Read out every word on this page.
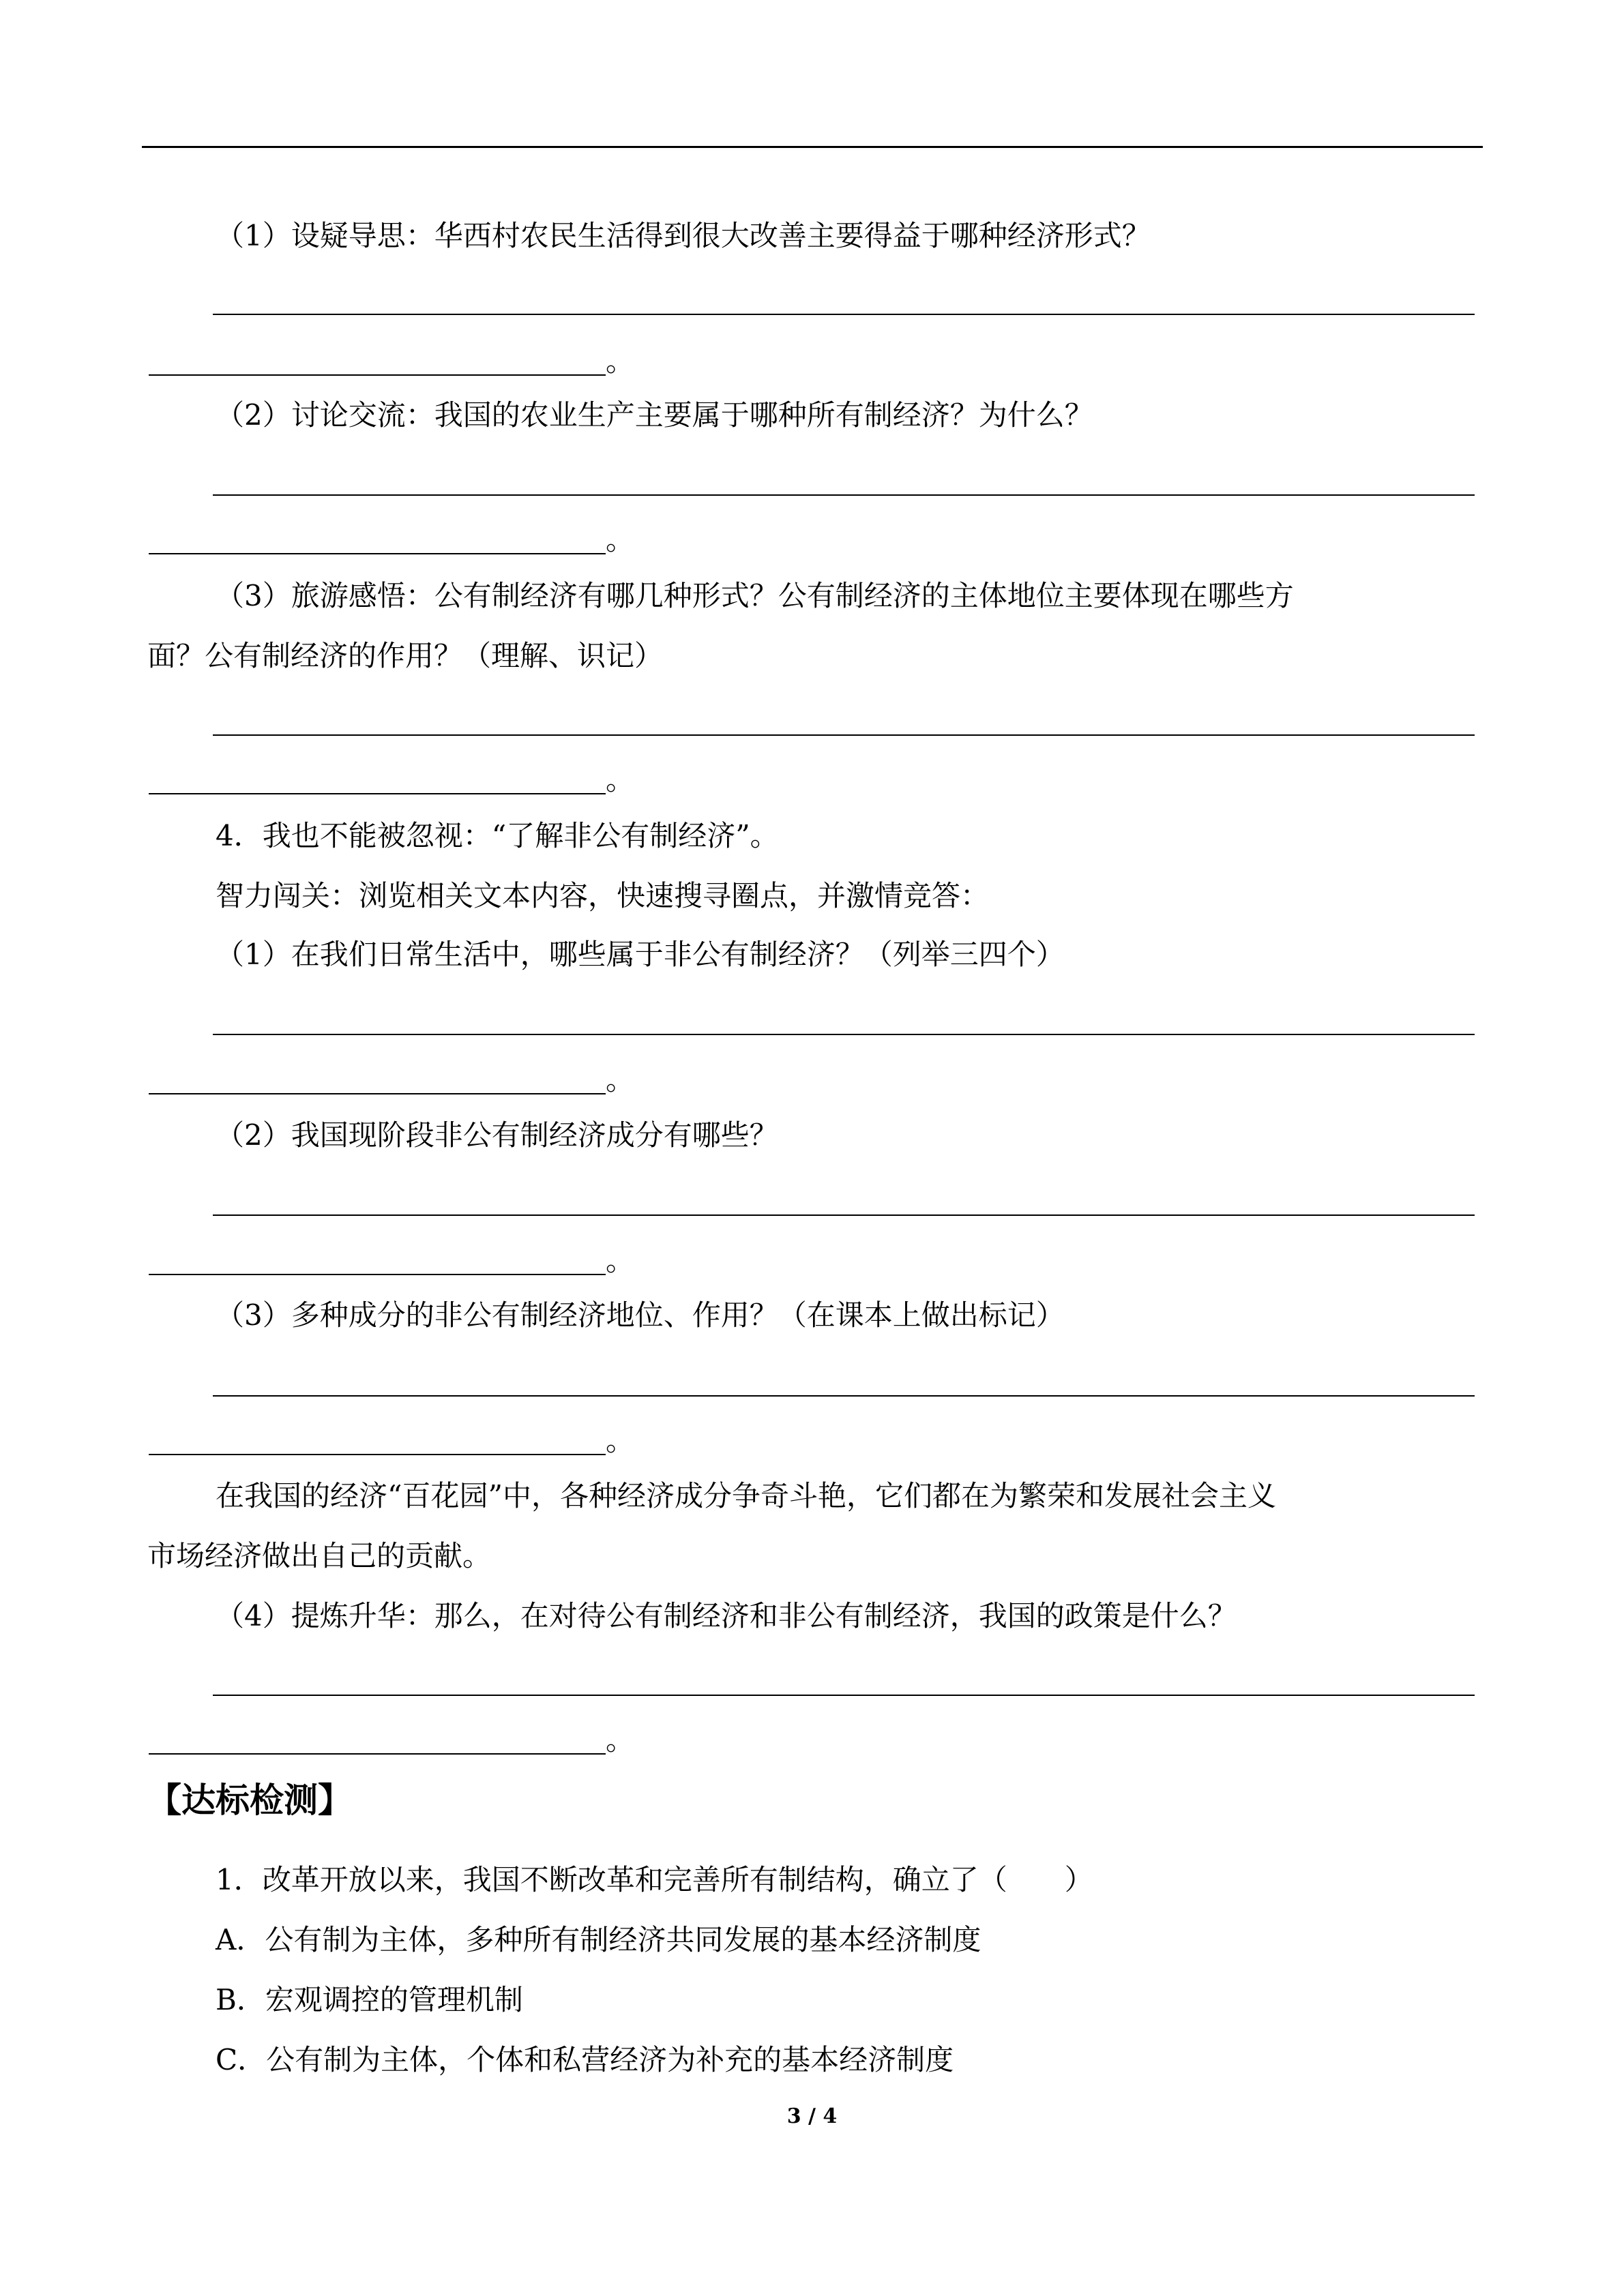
（1）设疑导思：华西村农民生活得到很大改善主要得益于哪种经济形式？
。
（2）讨论交流：我国的农业生产主要属于哪种所有制经济？为什么？
。
（3）旅游感悟：公有制经济有哪几种形式？公有制经济的主体地位主要体现在哪些方
面？公有制经济的作用？（理解、识记）
。
4．我也不能被忽视：“了解非公有制经济”。
智力闯关：浏览相关文本内容，快速搜寻圈点，并激情竞答：
（1）在我们日常生活中，哪些属于非公有制经济？（列举三四个）
。
（2）我国现阶段非公有制经济成分有哪些？
。
（3）多种成分的非公有制经济地位、作用？（在课本上做出标记）
。
在我国的经济“百花园”中，各种经济成分争奇斗艳，它们都在为繁荣和发展社会主义
市场经济做出自己的贡献。
（4）提炼升华：那么，在对待公有制经济和非公有制经济，我国的政策是什么？
。
【达标检测】
1．改革开放以来，我国不断改革和完善所有制结构，确立了（　　）
A．公有制为主体，多种所有制经济共同发展的基本经济制度
B．宏观调控的管理机制
C．公有制为主体，个体和私营经济为补充的基本经济制度
3 / 4
